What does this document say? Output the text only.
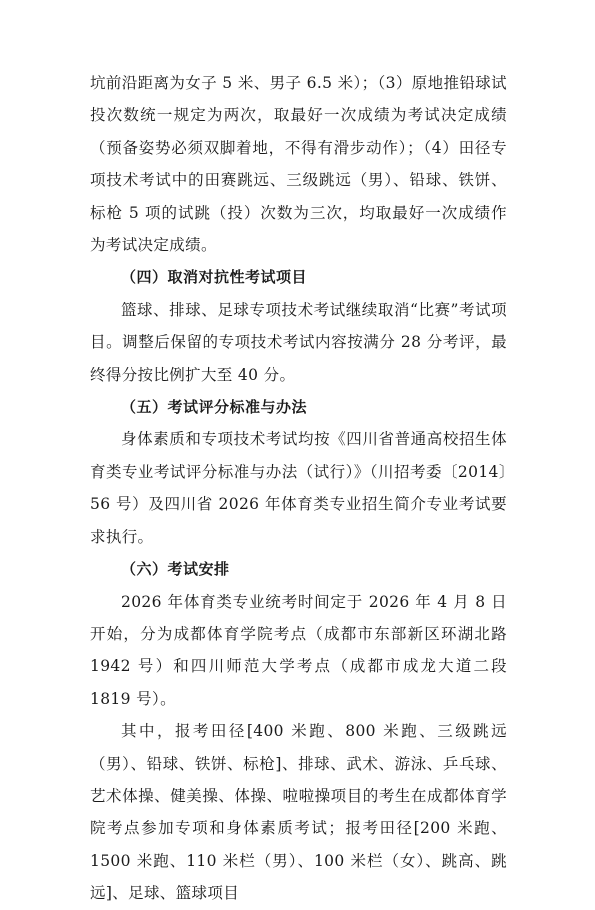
坑前沿距离为女子 5 米、男子 6.5 米）；（3）原地推铅球试投次数统一规定为两次，取最好一次成绩为考试决定成绩（预备姿势必须双脚着地，不得有滑步动作）；（4）田径专项技术考试中的田赛跳远、三级跳远（男）、铅球、铁饼、标枪 5 项的试跳（投）次数为三次，均取最好一次成绩作为考试决定成绩。

（四）取消对抗性考试项目

篮球、排球、足球专项技术考试继续取消“比赛”考试项目。调整后保留的专项技术考试内容按满分 28 分考评，最终得分按比例扩大至 40 分。

（五）考试评分标准与办法

身体素质和专项技术考试均按《四川省普通高校招生体育类专业考试评分标准与办法（试行）》（川招考委〔2014〕56 号）及四川省 2026 年体育类专业招生简介专业考试要求执行。

（六）考试安排

2026 年体育类专业统考时间定于 2026 年 4 月 8 日开始，分为成都体育学院考点（成都市东部新区环湖北路 1942 号）和四川师范大学考点（成都市成龙大道二段 1819 号）。

其中，报考田径[400 米跑、800 米跑、三级跳远（男）、铅球、铁饼、标枪]、排球、武术、游泳、乒乓球、艺术体操、健美操、体操、啦啦操项目的考生在成都体育学院考点参加专项和身体素质考试；报考田径[200 米跑、1500 米跑、110 米栏（男）、100 米栏（女）、跳高、跳远]、足球、篮球项目
